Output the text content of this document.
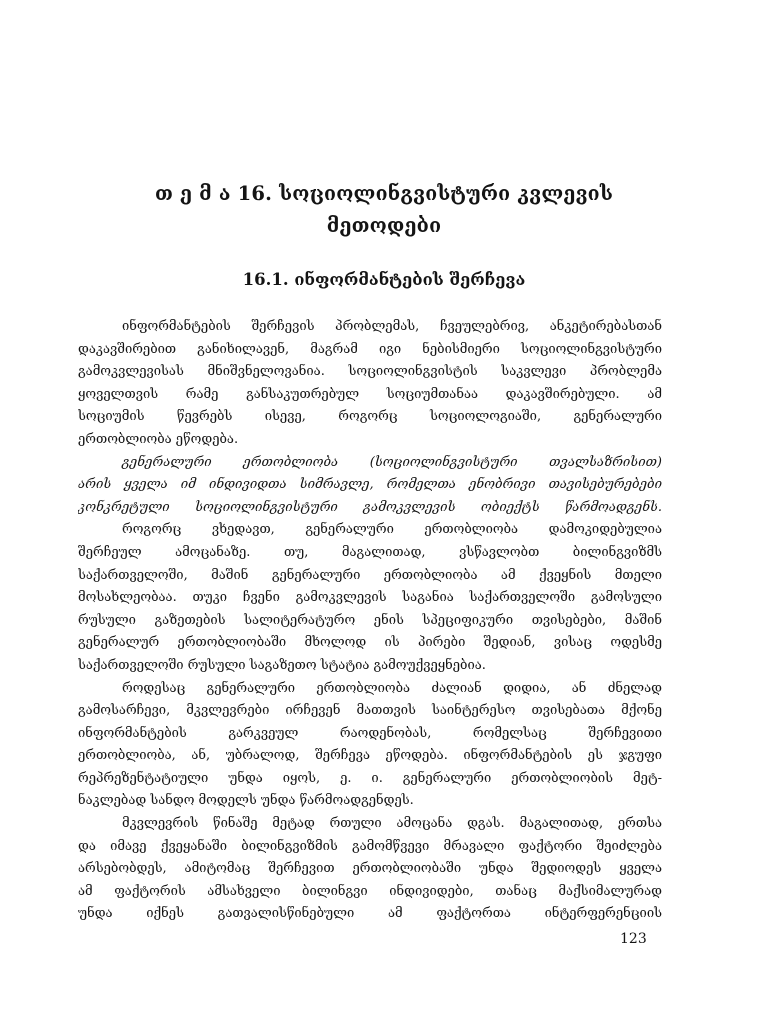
თ ე მ ა 16. სოციოლინგვისტური კვლევის
მეთოდები
16.1. ინფორმანტების შერჩევა
ინფორმანტების შერჩევის პრობლემას, ჩვეულებრივ, ანკეტირებასთან
დაკავშირებით განიხილავენ, მაგრამ იგი ნებისმიერი სოციოლინგვისტური
გამოკვლევისას მნიშვნელოვანია. სოციოლინგვისტის საკვლევი პრობლემა
ყოველთვის რამე განსაკუთრებულ სოციუმთანაა დაკავშირებული. ამ
სოციუმის წევრებს ისევე, როგორც სოციოლოგიაში, გენერალური
ერთობლიობა ეწოდება.
გენერალური ერთობლიობა (სოციოლინგვისტური თვალსაზრისით)
არის ყველა იმ ინდივიდთა სიმრავლე, რომელთა ენობრივი თავისებურებები
კონკრეტული სოციოლინგვისტური გამოკვლევის ობიექტს წარმოადგენს.
როგორც ვხედავთ, გენერალური ერთობლიობა დამოკიდებულია
შერჩეულ ამოცანაზე. თუ, მაგალითად, ვსწავლობთ ბილინგვიზმს
საქართველოში, მაშინ გენერალური ერთობლიობა ამ ქვეყნის მთელი
მოსახლეობაა. თუკი ჩვენი გამოკვლევის საგანია საქართველოში გამოსული
რუსული გაზეთების სალიტერატურო ენის სპეციფიკური თვისებები, მაშინ
გენერალურ ერთობლიობაში მხოლოდ ის პირები შედიან, ვისაც ოდესმე
საქართველოში რუსული საგაზეთო სტატია გამოუქვეყნებია.
როდესაც გენერალური ერთობლიობა ძალიან დიდია, ან ძნელად
გამოსარჩევი, მკვლევრები ირჩევენ მათთვის საინტერესო თვისებათა მქონე
ინფორმანტების გარკვეულ რაოდენობას, რომელსაც შერჩევითი
ერთობლიობა, ან, უბრალოდ, შერჩევა ეწოდება. ინფორმანტების ეს ჯგუფი
რეპრეზენტატიული უნდა იყოს, ე. ი. გენერალური ერთობლიობის მეტ-
ნაკლებად სანდო მოდელს უნდა წარმოადგენდეს.
მკვლევრის წინაშე მეტად რთული ამოცანა დგას. მაგალითად, ერთსა
და იმავე ქვეყანაში ბილინგვიზმის გამომწვევი მრავალი ფაქტორი შეიძლება
არსებობდეს, ამიტომაც შერჩევით ერთობლიობაში უნდა შედიოდეს ყველა
ამ ფაქტორის ამსახველი ბილინგვი ინდივიდები, თანაც მაქსიმალურად
უნდა იქნეს გათვალისწინებული ამ ფაქტორთა ინტერფერენციის
123
